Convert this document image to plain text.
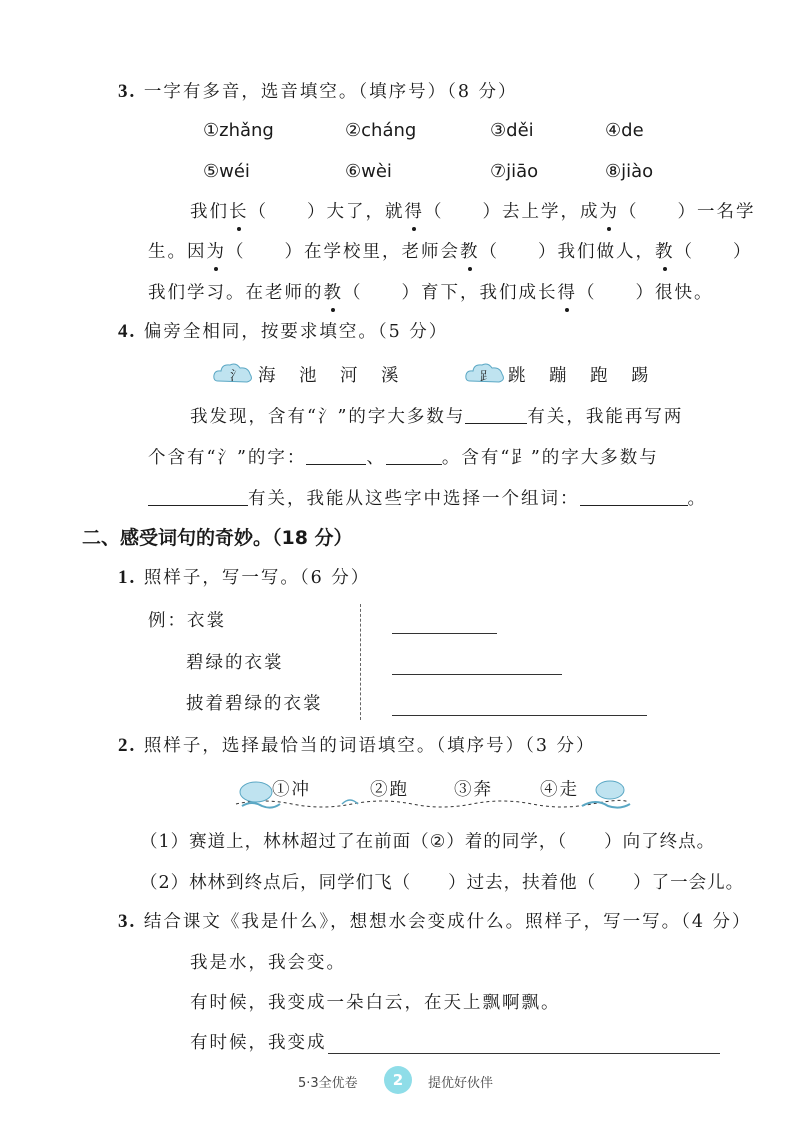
3. 一字有多音，选音填空。（填序号）（8 分）
①zhǎng	②cháng	③děi	④de
⑤wéi	⑥wèi	⑦jiāo	⑧jiào
我们长（　　）大了，就得（　　）去上学，成为（　　）一名学
生。因为（　　）在学校里，老师会教（　　）我们做人，教（　　）
我们学习。在老师的教（　　）育下，我们成长得（　　）很快。
4. 偏旁全相同，按要求填空。（5 分）
氵 海　池　河　溪	𧾷 跳　蹦　跑　踢
我发现，含有“氵”的字大多数与	有关，我能再写两
个含有“氵”的字：	、	。含有“𧾷”的字大多数与
有关，我能从这些字中选择一个组词：	。
二、感受词句的奇妙。（18 分）
1. 照样子，写一写。（6 分）
例：衣裳
碧绿的衣裳
披着碧绿的衣裳
2. 照样子，选择最恰当的词语填空。（填序号）（3 分）
①冲	②跑	③奔	④走
（1）赛道上，林林超过了在前面（②）着的同学，（　　）向了终点。
（2）林林到终点后，同学们飞（　　）过去，扶着他（　　）了一会儿。
3. 结合课文《我是什么》，想想水会变成什么。照样子，写一写。（4 分）
我是水，我会变。
有时候，我变成一朵白云，在天上飘啊飘。
有时候，我变成
5·3全优卷	2	提优好伙伴
